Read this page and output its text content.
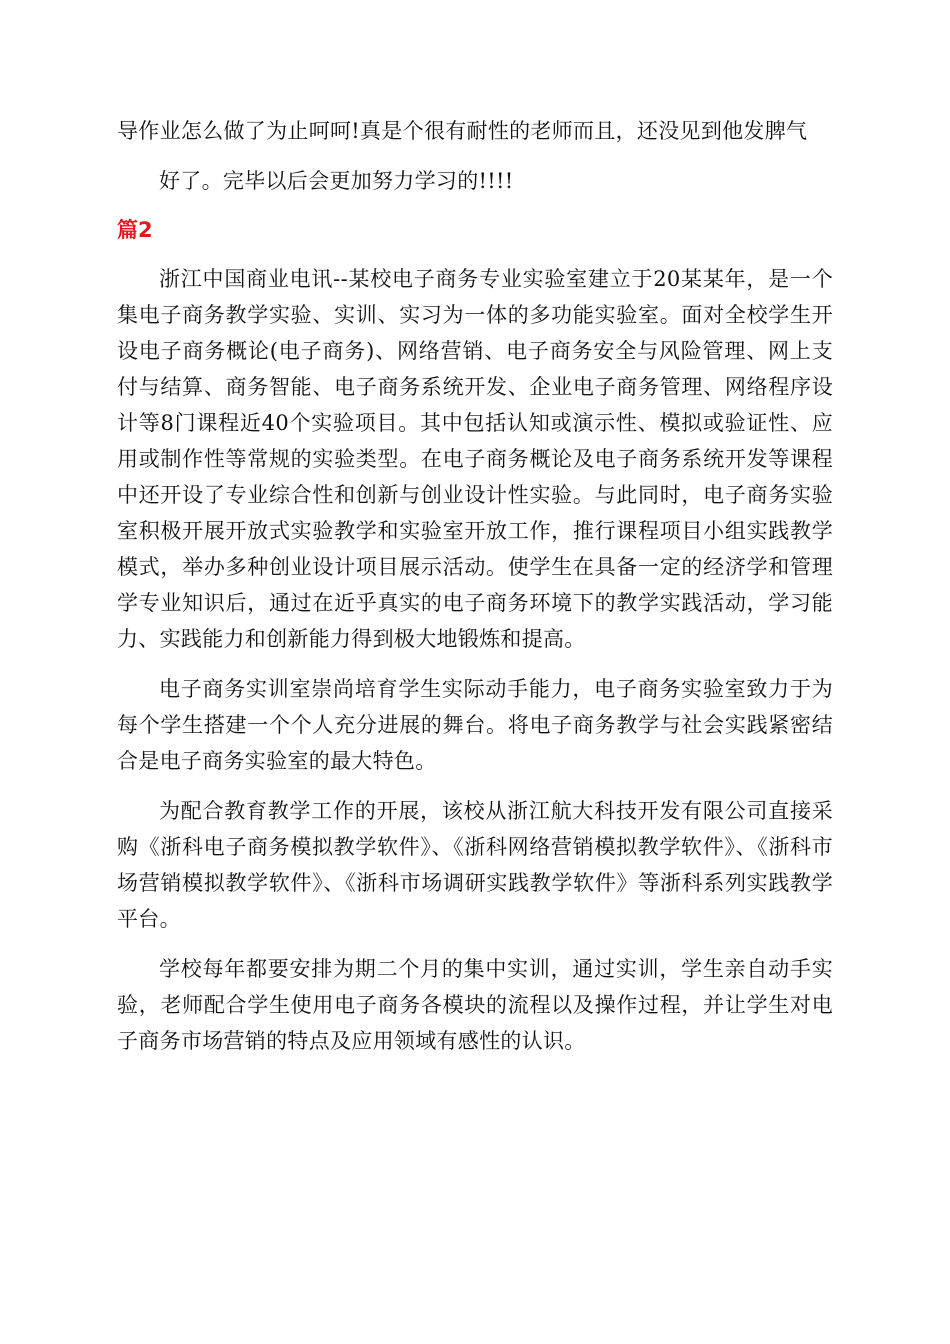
导作业怎么做了为止呵呵!真是个很有耐性的老师而且，还没见到他发脾气

好了。完毕以后会更加努力学习的!!!!

篇2

浙江中国商业电讯--某校电子商务专业实验室建立于20某某年，是一个集电子商务教学实验、实训、实习为一体的多功能实验室。面对全校学生开设电子商务概论(电子商务)、网络营销、电子商务安全与风险管理、网上支付与结算、商务智能、电子商务系统开发、企业电子商务管理、网络程序设计等8门课程近40个实验项目。其中包括认知或演示性、模拟或验证性、应用或制作性等常规的实验类型。在电子商务概论及电子商务系统开发等课程中还开设了专业综合性和创新与创业设计性实验。与此同时，电子商务实验室积极开展开放式实验教学和实验室开放工作，推行课程项目小组实践教学模式，举办多种创业设计项目展示活动。使学生在具备一定的经济学和管理学专业知识后，通过在近乎真实的电子商务环境下的教学实践活动，学习能力、实践能力和创新能力得到极大地锻炼和提高。

电子商务实训室崇尚培育学生实际动手能力，电子商务实验室致力于为每个学生搭建一个个人充分进展的舞台。将电子商务教学与社会实践紧密结合是电子商务实验室的最大特色。

为配合教育教学工作的开展，该校从浙江航大科技开发有限公司直接采购《浙科电子商务模拟教学软件》、《浙科网络营销模拟教学软件》、《浙科市场营销模拟教学软件》、《浙科市场调研实践教学软件》等浙科系列实践教学平台。

学校每年都要安排为期二个月的集中实训，通过实训，学生亲自动手实验，老师配合学生使用电子商务各模块的流程以及操作过程，并让学生对电子商务市场营销的特点及应用领域有感性的认识。
